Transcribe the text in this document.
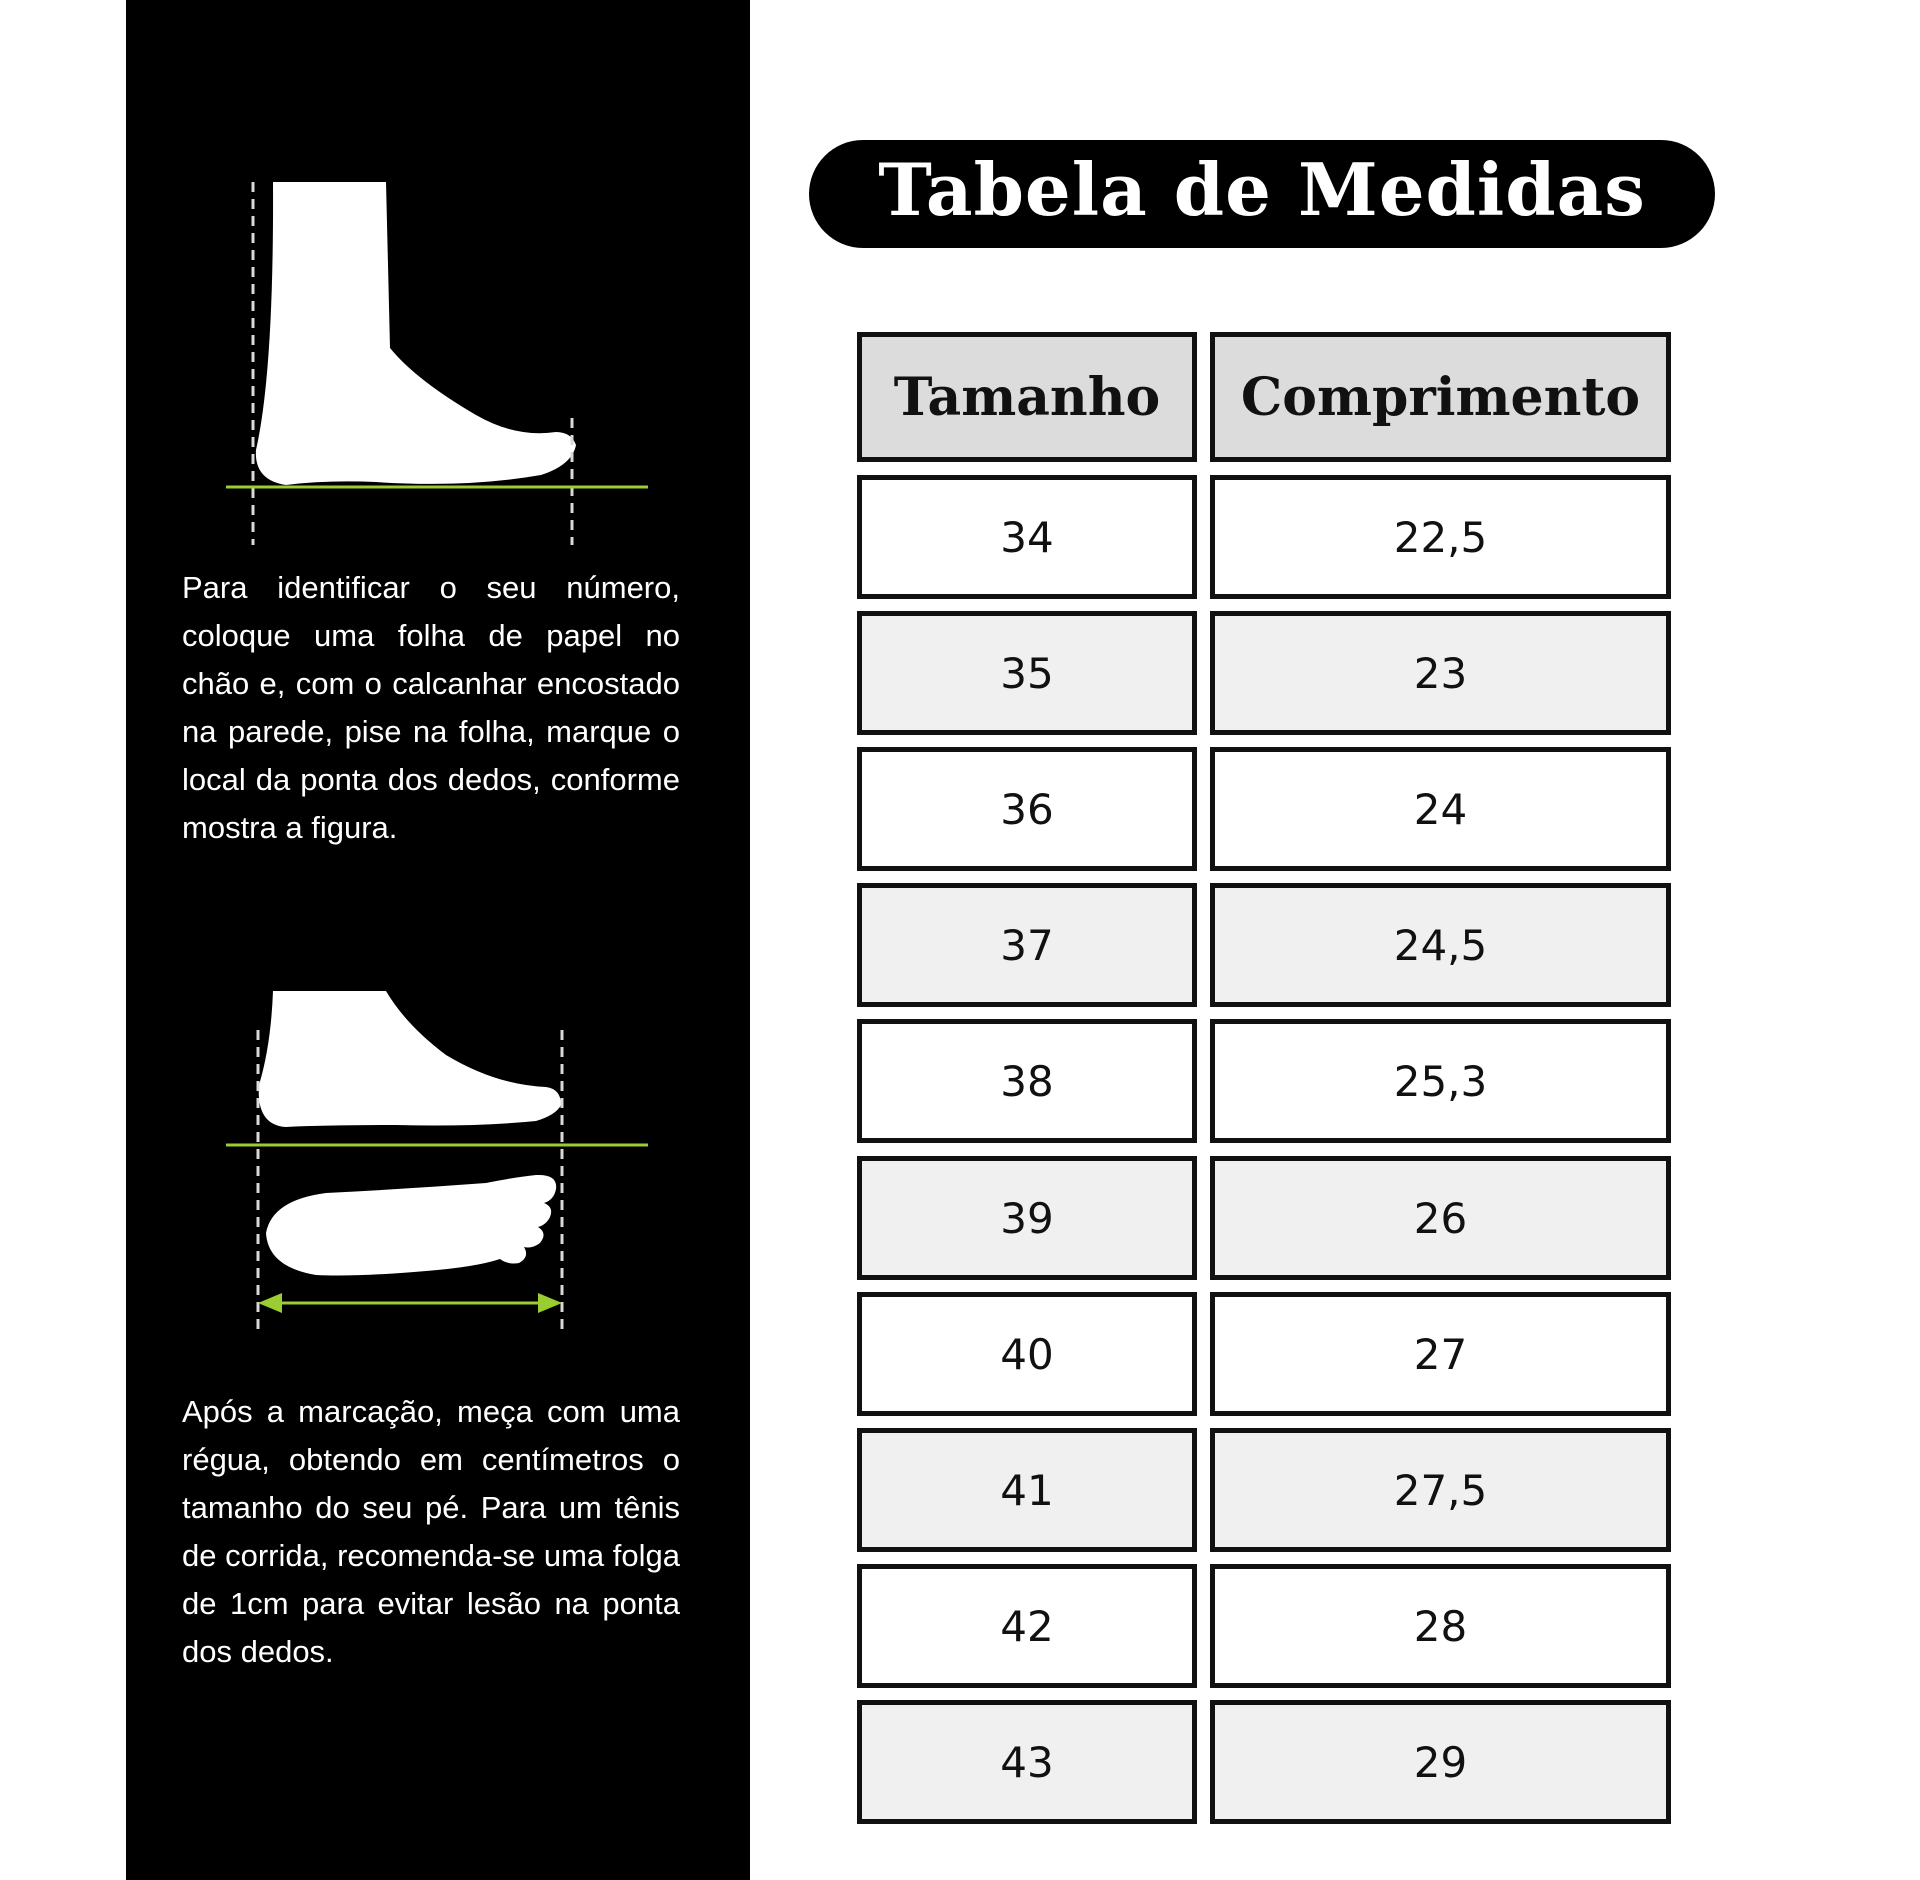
Para identificar o seu número, coloque uma folha de papel no chão e, com o calcanhar encostado na parede, pise na folha, marque o local da ponta dos dedos, conforme mostra a figura.

Após a marcação, meça com uma régua, obtendo em centímetros o tamanho do seu pé. Para um tênis de corrida, recomenda-se uma folga de 1cm para evitar lesão na ponta dos dedos.

Tabela de Medidas
Tamanho	Comprimento
34	22,5
35	23
36	24
37	24,5
38	25,3
39	26
40	27
41	27,5
42	28
43	29
